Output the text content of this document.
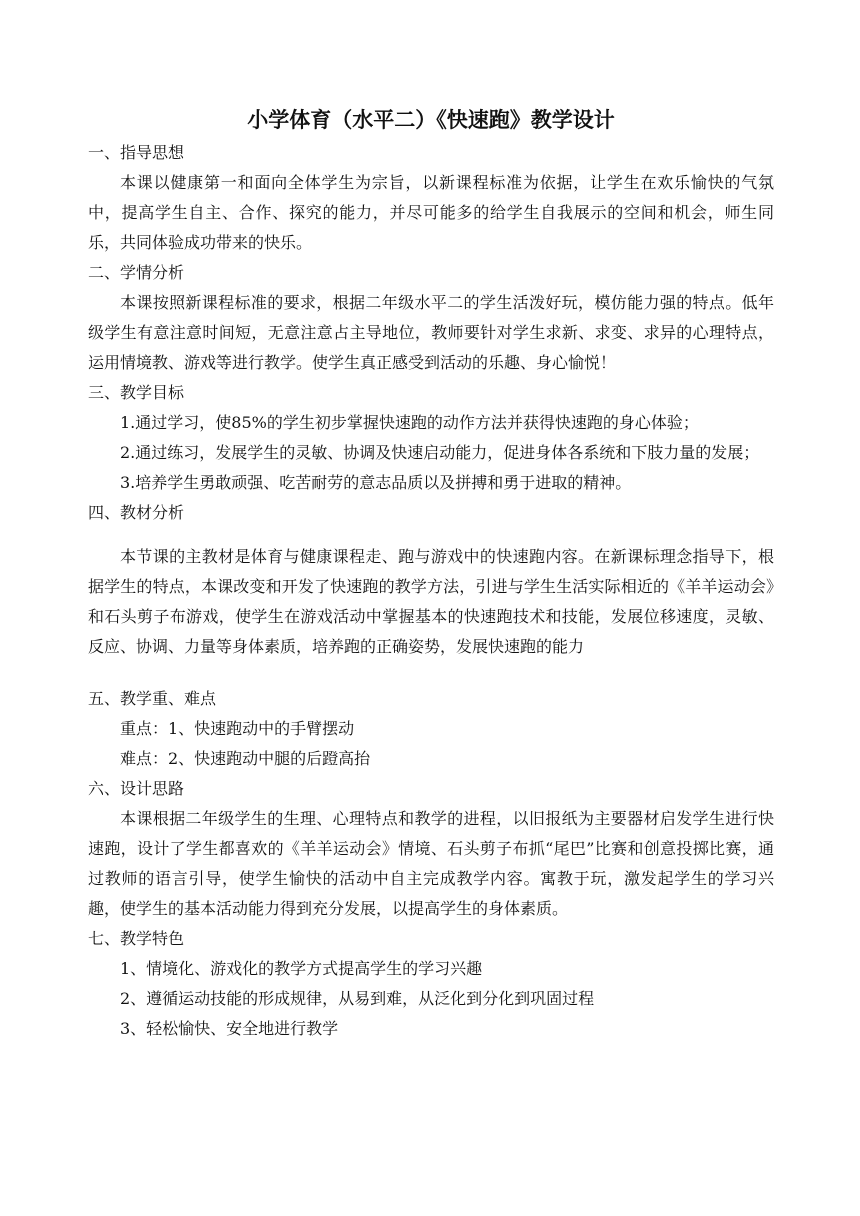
小学体育（水平二）《快速跑》教学设计

一、指导思想

本课以健康第一和面向全体学生为宗旨，以新课程标准为依据，让学生在欢乐愉快的气氛中，提高学生自主、合作、探究的能力，并尽可能多的给学生自我展示的空间和机会，师生同乐，共同体验成功带来的快乐。

二、学情分析

本课按照新课程标准的要求，根据二年级水平二的学生活泼好玩，模仿能力强的特点。低年级学生有意注意时间短，无意注意占主导地位，教师要针对学生求新、求变、求异的心理特点，运用情境教、游戏等进行教学。使学生真正感受到活动的乐趣、身心愉悦！

三、教学目标

1.通过学习，使85%的学生初步掌握快速跑的动作方法并获得快速跑的身心体验；

2.通过练习，发展学生的灵敏、协调及快速启动能力，促进身体各系统和下肢力量的发展；

3.培养学生勇敢顽强、吃苦耐劳的意志品质以及拼搏和勇于进取的精神。

四、教材分析

本节课的主教材是体育与健康课程走、跑与游戏中的快速跑内容。在新课标理念指导下，根据学生的特点，本课改变和开发了快速跑的教学方法，引进与学生生活实际相近的《羊羊运动会》和石头剪子布游戏，使学生在游戏活动中掌握基本的快速跑技术和技能，发展位移速度，灵敏、反应、协调、力量等身体素质，培养跑的正确姿势，发展快速跑的能力

五、教学重、难点

重点：1、快速跑动中的手臂摆动

难点：2、快速跑动中腿的后蹬高抬

六、设计思路

本课根据二年级学生的生理、心理特点和教学的进程，以旧报纸为主要器材启发学生进行快速跑，设计了学生都喜欢的《羊羊运动会》情境、石头剪子布抓“尾巴”比赛和创意投掷比赛，通过教师的语言引导，使学生愉快的活动中自主完成教学内容。寓教于玩，激发起学生的学习兴趣，使学生的基本活动能力得到充分发展，以提高学生的身体素质。

七、教学特色

1、情境化、游戏化的教学方式提高学生的学习兴趣

2、遵循运动技能的形成规律，从易到难，从泛化到分化到巩固过程

3、轻松愉快、安全地进行教学
